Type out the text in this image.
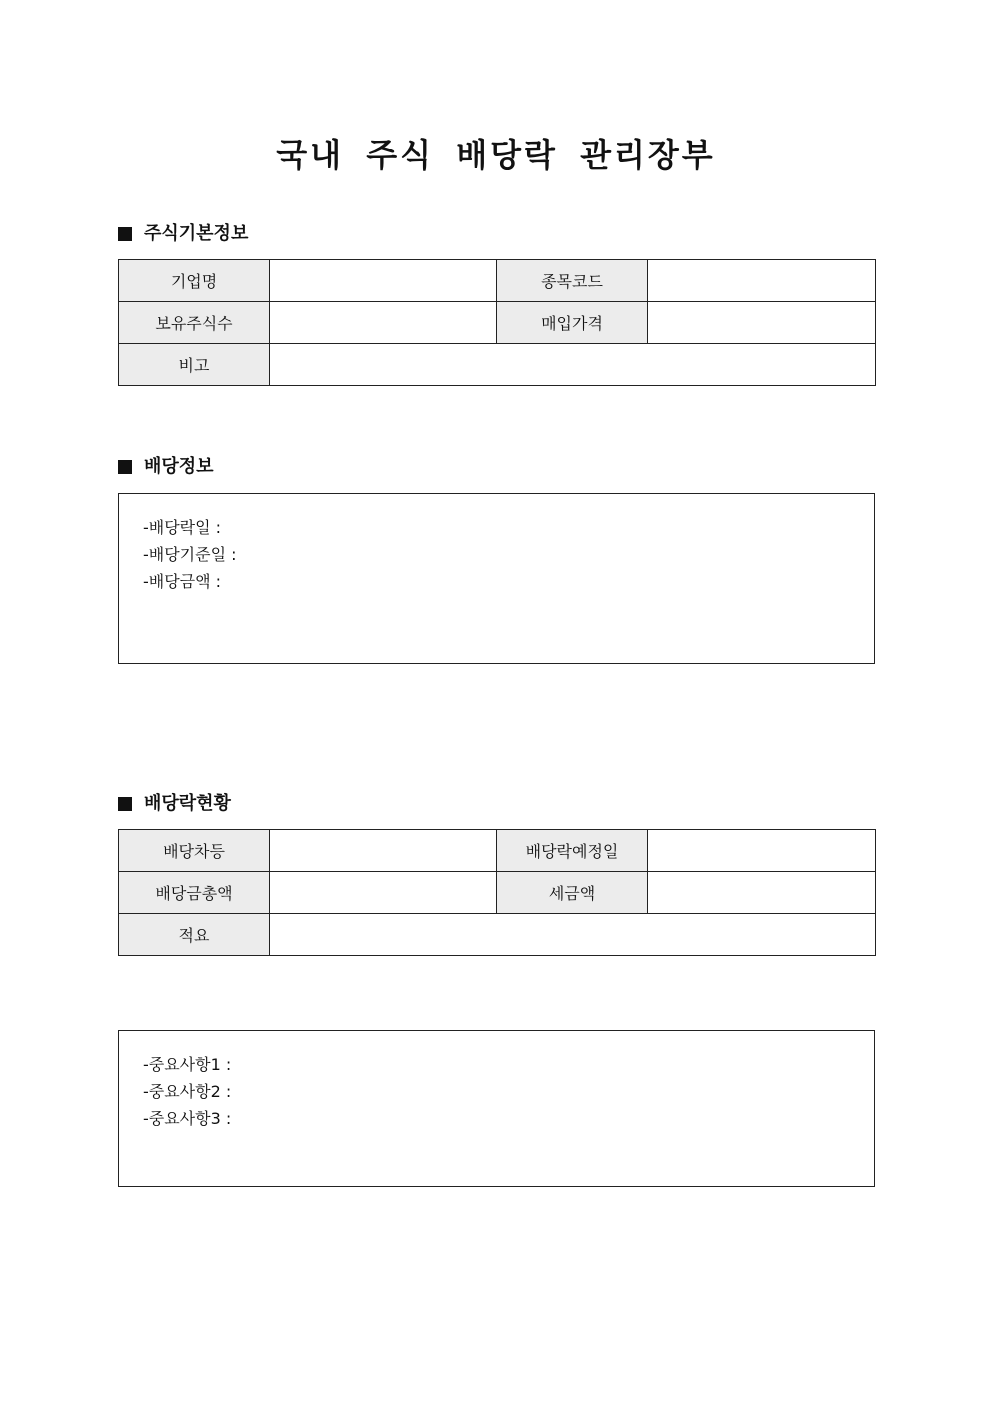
국내 주식 배당락 관리장부
주식기본정보
기업명		종목코드	
보유주식수		매입가격	
비고			
배당정보
-배당락일 :
-배당기준일 :
-배당금액 :
배당락현황
배당차등		배당락예정일	
배당금총액		세금액	
적요			
-중요사항1 :
-중요사항2 :
-중요사항3 :
